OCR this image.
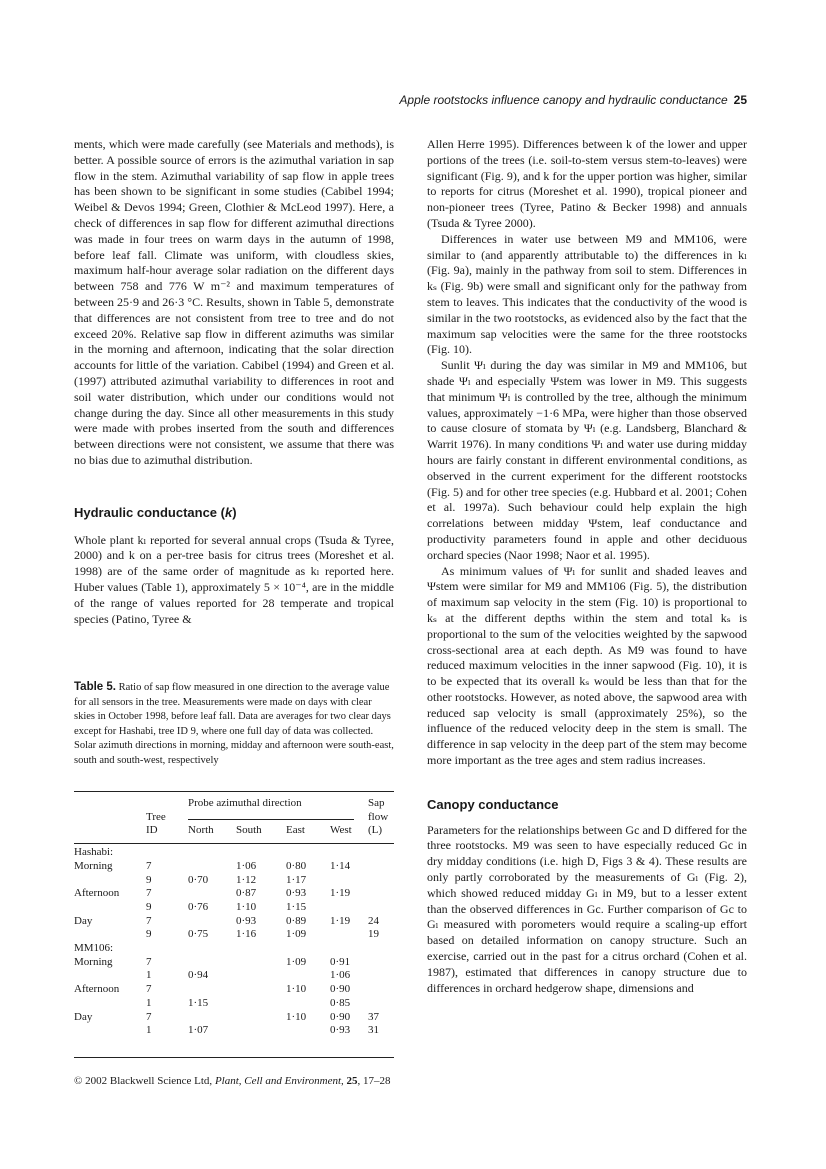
Apple rootstocks influence canopy and hydraulic conductance 25

ments, which were made carefully (see Materials and methods), is better. A possible source of errors is the azimuthal variation in sap flow in the stem. Azimuthal variability of sap flow in apple trees has been shown to be significant in some studies (Cabibel 1994; Weibel & Devos 1994; Green, Clothier & McLeod 1997). Here, a check of differences in sap flow for different azimuthal directions was made in four trees on warm days in the autumn of 1998, before leaf fall. Climate was uniform, with cloudless skies, maximum half-hour average solar radiation on the different days between 758 and 776 W m⁻² and maximum temperatures of between 25·9 and 26·3 °C. Results, shown in Table 5, demonstrate that differences are not consistent from tree to tree and do not exceed 20%. Relative sap flow in different azimuths was similar in the morning and afternoon, indicating that the solar direction accounts for little of the variation. Cabibel (1994) and Green et al. (1997) attributed azimuthal variability to differences in root and soil water distribution, which under our conditions would not change during the day. Since all other measurements in this study were made with probes inserted from the south and differences between directions were not consistent, we assume that there was no bias due to azimuthal distribution.

Hydraulic conductance (k)

Whole plant kₗ reported for several annual crops (Tsuda & Tyree, 2000) and k on a per-tree basis for citrus trees (Moreshet et al. 1998) are of the same order of magnitude as kₗ reported here. Huber values (Table 1), approximately 5 × 10⁻⁴, are in the middle of the range of values reported for 28 temperate and tropical species (Patino, Tyree &

Table 5. Ratio of sap flow measured in one direction to the average value for all sensors in the tree. Measurements were made on days with clear skies in October 1998, before leaf fall. Data are averages for two clear days except for Hashabi, tree ID 9, where one full day of data was collected. Solar azimuth directions in morning, midday and afternoon were south-east, south and south-west, respectively

		Probe azimuthal direction				Sap
	Tree					flow
	ID	North	South	East	West	(L)

Hashabi:						
Morning	7		1·06	0·80	1·14	
	9	0·70	1·12	1·17		
Afternoon	7		0·87	0·93	1·19	
	9	0·76	1·10	1·15		
Day	7		0·93	0·89	1·19	24
	9	0·75	1·16	1·09		19
MM106:						
Morning	7			1·09	0·91	
	1	0·94			1·06	
Afternoon	7			1·10	0·90	
	1	1·15			0·85	
Day	7			1·10	0·90	37
	1	1·07			0·93	31

Allen Herre 1995). Differences between k of the lower and upper portions of the trees (i.e. soil-to-stem versus stem-to-leaves) were significant (Fig. 9), and k for the upper portion was higher, similar to reports for citrus (Moreshet et al. 1990), tropical pioneer and non-pioneer trees (Tyree, Patino & Becker 1998) and annuals (Tsuda & Tyree 2000).

Differences in water use between M9 and MM106, were similar to (and apparently attributable to) the differences in kₗ (Fig. 9a), mainly in the pathway from soil to stem. Differences in kₛ (Fig. 9b) were small and significant only for the pathway from stem to leaves. This indicates that the conductivity of the wood is similar in the two rootstocks, as evidenced also by the fact that the maximum sap velocities were the same for the three rootstocks (Fig. 10).

Sunlit Ψₗ during the day was similar in M9 and MM106, but shade Ψₗ and especially Ψstem was lower in M9. This suggests that minimum Ψₗ is controlled by the tree, although the minimum values, approximately −1·6 MPa, were higher than those observed to cause closure of stomata by Ψₗ (e.g. Landsberg, Blanchard & Warrit 1976). In many conditions Ψₗ and water use during midday hours are fairly constant in different environmental conditions, as observed in the current experiment for the different rootstocks (Fig. 5) and for other tree species (e.g. Hubbard et al. 2001; Cohen et al. 1997a). Such behaviour could help explain the high correlations between midday Ψstem, leaf conductance and productivity parameters found in apple and other deciduous orchard species (Naor 1998; Naor et al. 1995).

As minimum values of Ψₗ for sunlit and shaded leaves and Ψstem were similar for M9 and MM106 (Fig. 5), the distribution of maximum sap velocity in the stem (Fig. 10) is proportional to kₛ at the different depths within the stem and total kₛ is proportional to the sum of the velocities weighted by the sapwood cross-sectional area at each depth. As M9 was found to have reduced maximum velocities in the inner sapwood (Fig. 10), it is to be expected that its overall kₛ would be less than that for the other rootstocks. However, as noted above, the sapwood area with reduced sap velocity is small (approximately 25%), so the influence of the reduced velocity deep in the stem is small. The difference in sap velocity in the deep part of the stem may become more important as the tree ages and stem radius increases.

Canopy conductance

Parameters for the relationships between Gc and D differed for the three rootstocks. M9 was seen to have especially reduced Gc in dry midday conditions (i.e. high D, Figs 3 & 4). These results are only partly corroborated by the measurements of Gₗ (Fig. 2), which showed reduced midday Gₗ in M9, but to a lesser extent than the observed differences in Gc. Further comparison of Gc to Gₗ measured with porometers would require a scaling-up effort based on detailed information on canopy structure. Such an exercise, carried out in the past for a citrus orchard (Cohen et al. 1987), estimated that differences in canopy structure due to differences in orchard hedgerow shape, dimensions and

© 2002 Blackwell Science Ltd, Plant, Cell and Environment, 25, 17–28
